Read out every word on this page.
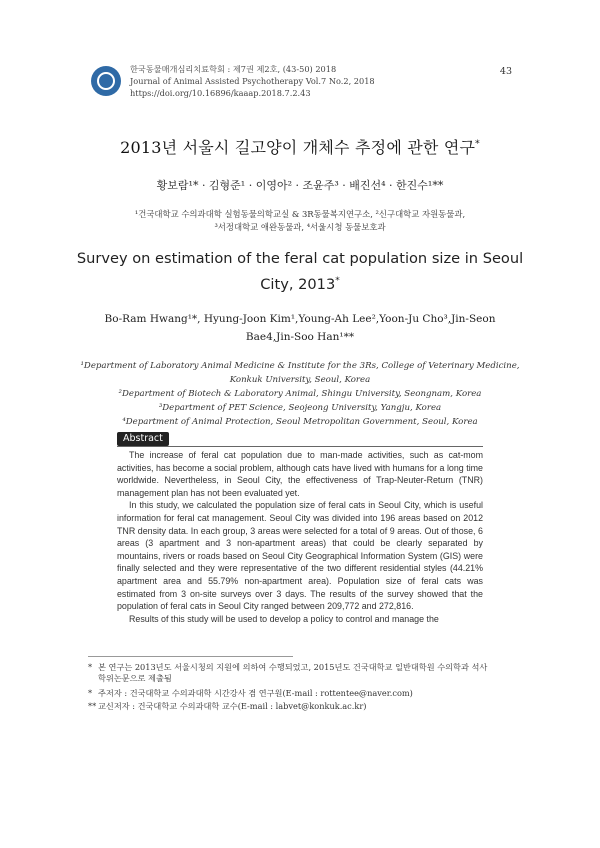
한국동물매개심리치료학회 : 제7권 제2호, (43-50) 2018
Journal of Animal Assisted Psychotherapy Vol.7 No.2, 2018
https://doi.org/10.16896/kaaap.2018.7.2.43
43
2013년 서울시 길고양이 개체수 추정에 관한 연구*
황보람¹* · 김형준¹ · 이영아² · 조윤주³ · 배진선⁴ · 한진수¹**
¹건국대학교 수의과대학 실험동물의학교실 & 3R동물복지연구소, ²신구대학교 자원동물과,
³서정대학교 애완동물과, ⁴서울시청 동물보호과
Survey on estimation of the feral cat population size in Seoul
City, 2013*
Bo-Ram Hwang¹*, Hyung-Joon Kim¹,Young-Ah Lee²,Yoon-Ju Cho³,Jin-Seon
Bae4,Jin-Soo Han¹**
¹Department of Laboratory Animal Medicine & Institute for the 3Rs, College of Veterinary Medicine,
Konkuk University, Seoul, Korea
²Department of Biotech & Laboratory Animal, Shingu University, Seongnam, Korea
³Department of PET Science, Seojeong University, Yangju, Korea
⁴Department of Animal Protection, Seoul Metropolitan Government, Seoul, Korea
Abstract

The increase of feral cat population due to man-made activities, such as cat-mom activities, has become a social problem, although cats have lived with humans for a long time worldwide. Nevertheless, in Seoul City, the effectiveness of Trap-Neuter-Return (TNR) management plan has not been evaluated yet.

In this study, we calculated the population size of feral cats in Seoul City, which is useful information for feral cat management. Seoul City was divided into 196 areas based on 2012 TNR density data. In each group, 3 areas were selected for a total of 9 areas. Out of those, 6 areas (3 apartment and 3 non-apartment areas) that could be clearly separated by mountains, rivers or roads based on Seoul City Geographical Information System (GIS) were finally selected and they were representative of the two different residential styles (44.21% apartment area and 55.79% non-apartment area). Population size of feral cats was estimated from 3 on-site surveys over 3 days. The results of the survey showed that the population of feral cats in Seoul City ranged between 209,772 and 272,816.

Results of this study will be used to develop a policy to control and manage the

* 본 연구는 2013년도 서울시청의 지원에 의하여 수행되었고, 2015년도 건국대학교 일반대학원 수의학과 석사
학위논문으로 제출됨
* 주저자 : 건국대학교 수의과대학 시간강사 겸 연구원(E-mail : rottentee@naver.com)
** 교신저자 : 건국대학교 수의과대학 교수(E-mail : labvet@konkuk.ac.kr)
